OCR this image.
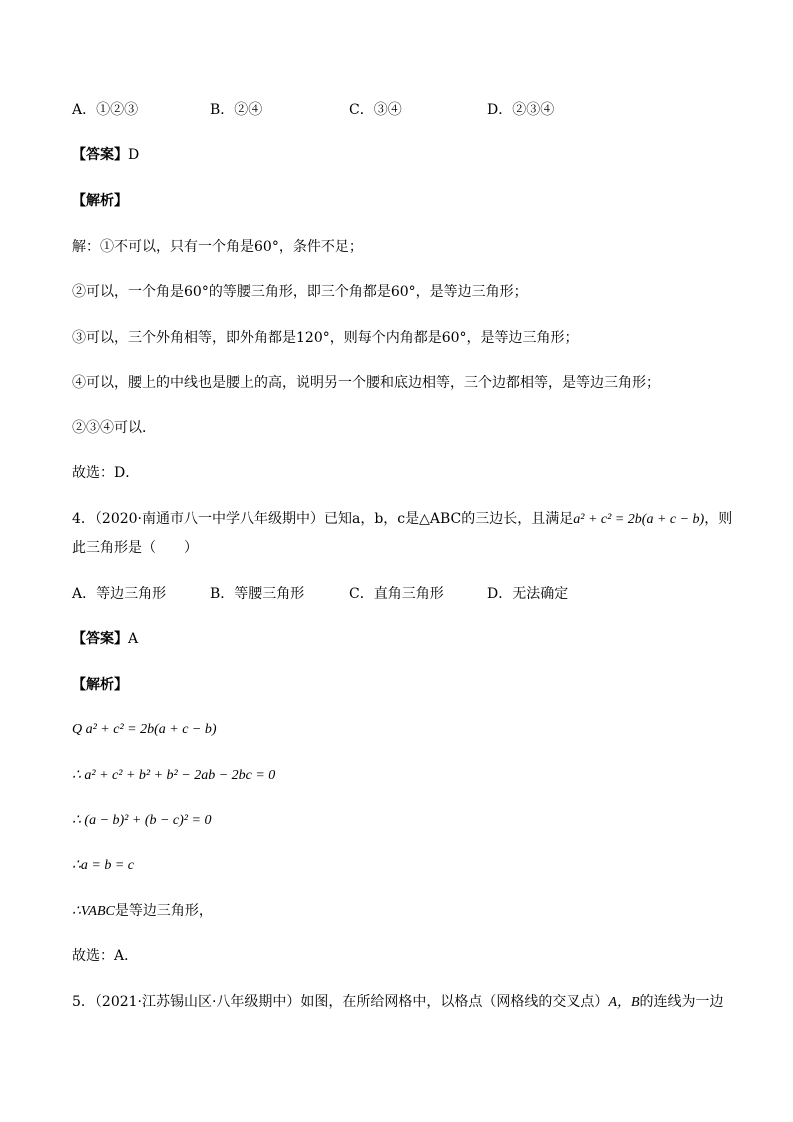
A．①②③	B．②④	C．③④	D．②③④
【答案】D
【解析】
解：①不可以，只有一个角是60°，条件不足；
②可以，一个角是60°的等腰三角形，即三个角都是60°，是等边三角形；
③可以，三个外角相等，即外角都是120°，则每个内角都是60°，是等边三角形；
④可以，腰上的中线也是腰上的高，说明另一个腰和底边相等，三个边都相等，是等边三角形；
②③④可以．
故选：D．
4．（2020·南通市八一中学八年级期中）已知a，b，c是△ABC的三边长，且满足a² + c² = 2b(a + c − b)，则
此三角形是（　　）
A．等边三角形	B．等腰三角形	C．直角三角形	D．无法确定
【答案】A
【解析】
Q a² + c² = 2b(a + c − b)
∴ a² + c² + b² + b² − 2ab − 2bc = 0
∴ (a − b)² + (b − c)² = 0
∴a = b = c
∴VABC是等边三角形，
故选：A．
5．（2021·江苏锡山区·八年级期中）如图，在所给网格中，以格点（网格线的交叉点）A，B的连线为一边
